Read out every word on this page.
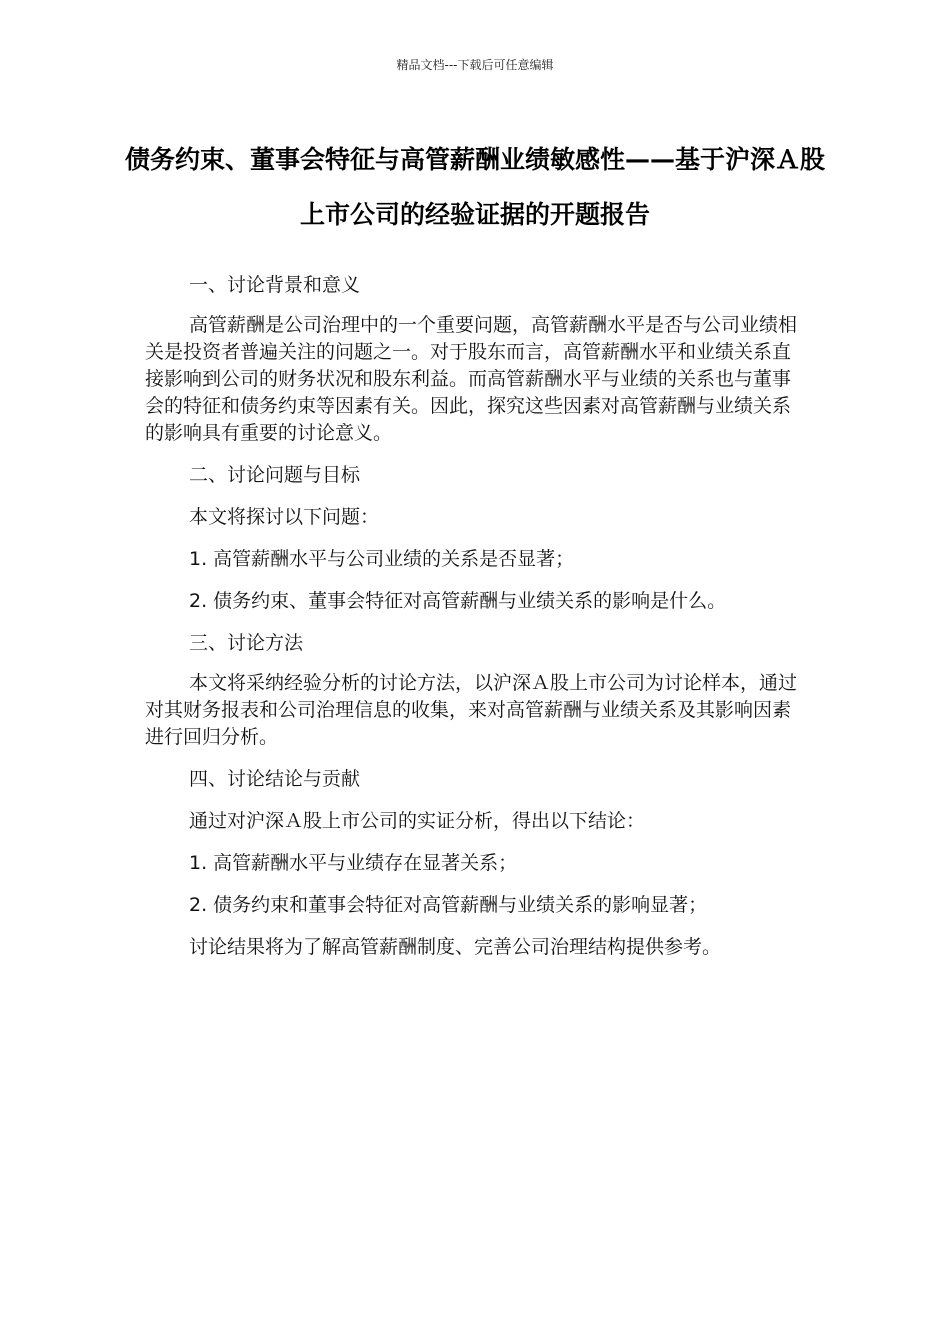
精品文档---下载后可任意编辑
债务约束、董事会特征与高管薪酬业绩敏感性——基于沪深Ａ股上市公司的经验证据的开题报告

一、讨论背景和意义

高管薪酬是公司治理中的一个重要问题，高管薪酬水平是否与公司业绩相关是投资者普遍关注的问题之一。对于股东而言，高管薪酬水平和业绩关系直接影响到公司的财务状况和股东利益。而高管薪酬水平与业绩的关系也与董事会的特征和债务约束等因素有关。因此，探究这些因素对高管薪酬与业绩关系的影响具有重要的讨论意义。

二、讨论问题与目标

本文将探讨以下问题：

1. 高管薪酬水平与公司业绩的关系是否显著；

2. 债务约束、董事会特征对高管薪酬与业绩关系的影响是什么。

三、讨论方法

本文将采纳经验分析的讨论方法，以沪深Ａ股上市公司为讨论样本，通过对其财务报表和公司治理信息的收集，来对高管薪酬与业绩关系及其影响因素进行回归分析。

四、讨论结论与贡献

通过对沪深Ａ股上市公司的实证分析，得出以下结论：

1. 高管薪酬水平与业绩存在显著关系；

2. 债务约束和董事会特征对高管薪酬与业绩关系的影响显著；

讨论结果将为了解高管薪酬制度、完善公司治理结构提供参考。
